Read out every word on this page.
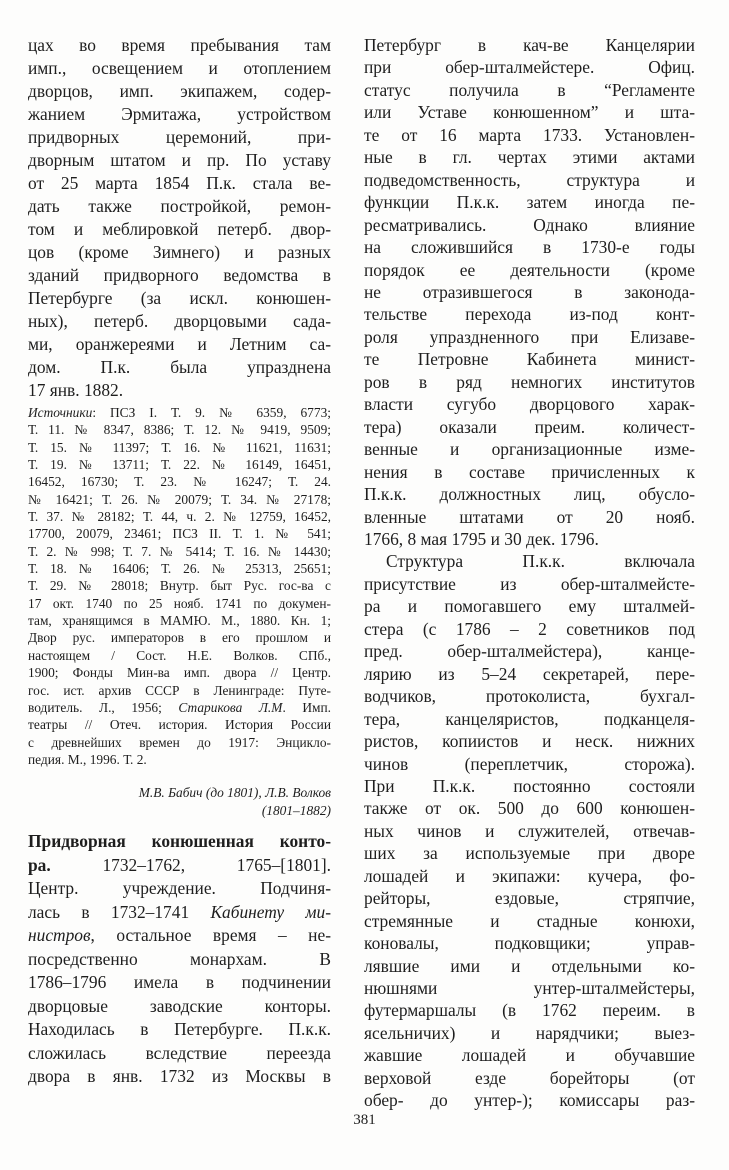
цах во время пребывания там
имп., освещением и отоплением
дворцов, имп. экипажем, содер-
жанием Эрмитажа, устройством
придворных церемоний, при-
дворным штатом и пр. По уставу
от 25 марта 1854 П.к. стала ве-
дать также постройкой, ремон-
том и меблировкой петерб. двор-
цов (кроме Зимнего) и разных
зданий придворного ведомства в
Петербурге (за искл. конюшен-
ных), петерб. дворцовыми сада-
ми, оранжереями и Летним са-
дом. П.к. была упразднена
17 янв. 1882.
Источники: ПСЗ I. Т. 9. № 6359, 6773;
Т. 11. № 8347, 8386; Т. 12. № 9419, 9509;
Т. 15. № 11397; Т. 16. № 11621, 11631;
Т. 19. № 13711; Т. 22. № 16149, 16451,
16452, 16730; Т. 23. № 16247; Т. 24.
№ 16421; Т. 26. № 20079; Т. 34. № 27178;
Т. 37. № 28182; Т. 44, ч. 2. № 12759, 16452,
17700, 20079, 23461; ПСЗ II. Т. 1. № 541;
Т. 2. № 998; Т. 7. № 5414; Т. 16. № 14430;
Т. 18. № 16406; Т. 26. № 25313, 25651;
Т. 29. № 28018; Внутр. быт Рус. гос-ва с
17 окт. 1740 по 25 нояб. 1741 по докумен-
там, хранящимся в МАМЮ. М., 1880. Кн. 1;
Двор рус. императоров в его прошлом и
настоящем / Сост. Н.Е. Волков. СПб.,
1900; Фонды Мин-ва имп. двора // Центр.
гос. ист. архив СССР в Ленинграде: Путе-
водитель. Л., 1956; Старикова Л.М. Имп.
театры // Отеч. история. История России
с древнейших времен до 1917: Энцикло-
педия. М., 1996. Т. 2.
М.В. Бабич (до 1801), Л.В. Волков
(1801–1882)
Придворная конюшенная конто-
ра. 1732–1762, 1765–[1801].
Центр. учреждение. Подчиня-
лась в 1732–1741 Кабинету ми-
нистров, остальное время – не-
посредственно монархам. В
1786–1796 имела в подчинении
дворцовые заводские конторы.
Находилась в Петербурге. П.к.к.
сложилась вследствие переезда
двора в янв. 1732 из Москвы в
Петербург в кач-ве Канцелярии
при обер-шталмейстере. Офиц.
статус получила в “Регламенте
или Уставе конюшенном” и шта-
те от 16 марта 1733. Установлен-
ные в гл. чертах этими актами
подведомственность, структура и
функции П.к.к. затем иногда пе-
ресматривались. Однако влияние
на сложившийся в 1730-е годы
порядок ее деятельности (кроме
не отразившегося в законода-
тельстве перехода из-под конт-
роля упраздненного при Елизаве-
те Петровне Кабинета минист-
ров в ряд немногих институтов
власти сугубо дворцового харак-
тера) оказали преим. количест-
венные и организационные изме-
нения в составе причисленных к
П.к.к. должностных лиц, обусло-
вленные штатами от 20 нояб.
1766, 8 мая 1795 и 30 дек. 1796.
Структура П.к.к. включала
присутствие из обер-шталмейсте-
ра и помогавшего ему шталмей-
стера (с 1786 – 2 советников под
пред. обер-шталмейстера), канце-
лярию из 5–24 секретарей, пере-
водчиков, протоколиста, бухгал-
тера, канцеляристов, подканцеля-
ристов, копиистов и неск. нижних
чинов (переплетчик, сторожа).
При П.к.к. постоянно состояли
также от ок. 500 до 600 конюшен-
ных чинов и служителей, отвечав-
ших за используемые при дворе
лошадей и экипажи: кучера, фо-
рейторы, ездовые, стряпчие,
стремянные и стадные конюхи,
коновалы, подковщики; управ-
лявшие ими и отдельными ко-
нюшнями унтер-шталмейстеры,
футермаршалы (в 1762 переим. в
ясельничих) и нарядчики; выез-
жавшие лошадей и обучавшие
верховой езде борейторы (от
обер- до унтер-); комиссары раз-
381
